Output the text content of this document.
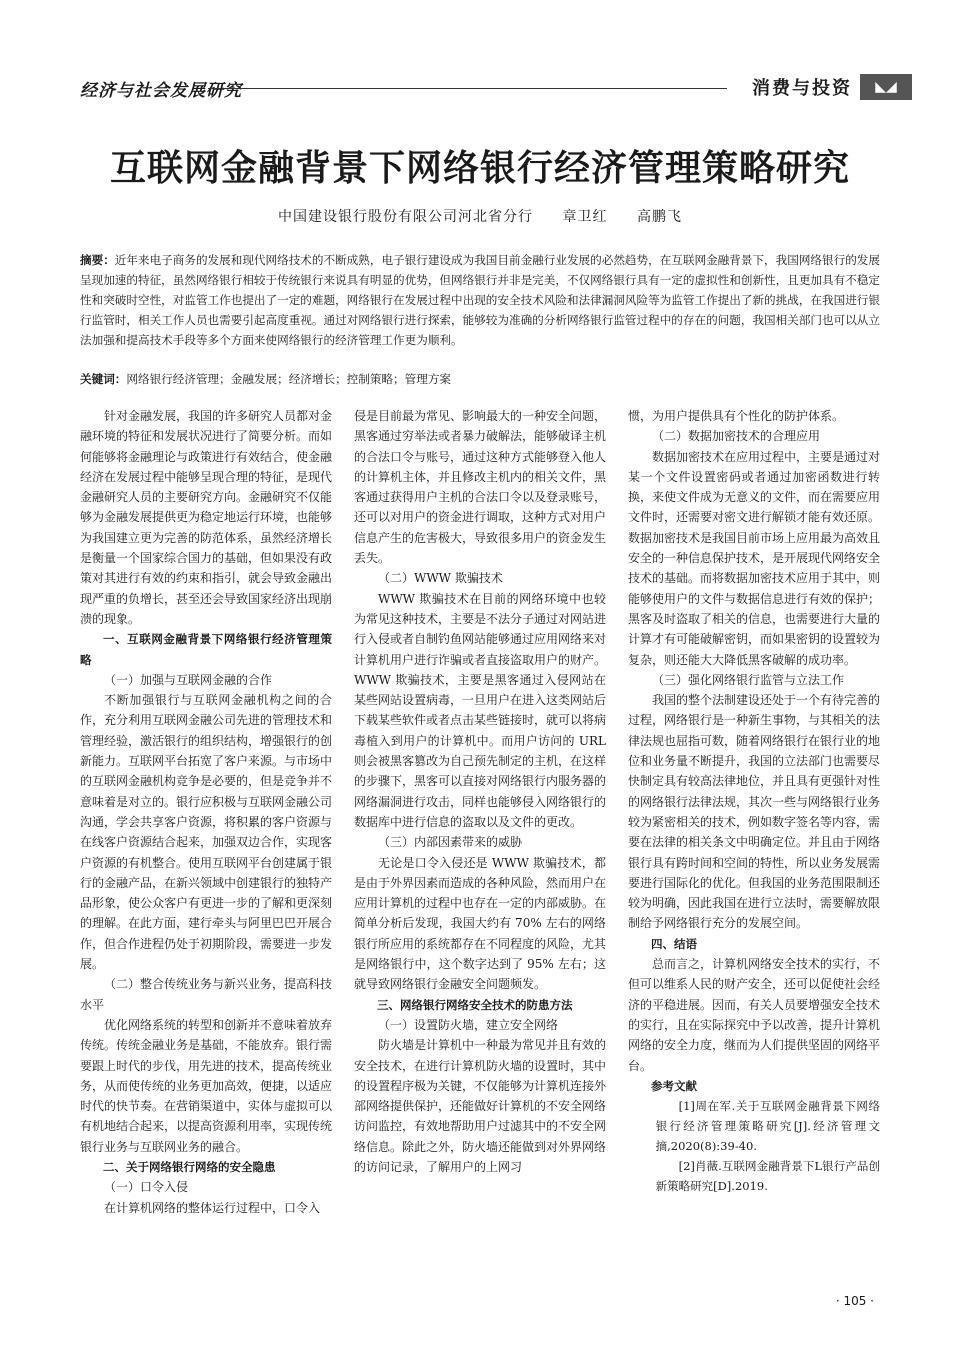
经济与社会发展研究	消费与投资	◣◢
互联网金融背景下网络银行经济管理策略研究
中国建设银行股份有限公司河北省分行 章卫红 高鹏飞
摘要：近年来电子商务的发展和现代网络技术的不断成熟，电子银行建设成为我国目前金融行业发展的必然趋势，在互联网金融背景下，我国网络银行的发展呈现加速的特征，虽然网络银行相较于传统银行来说具有明显的优势，但网络银行并非是完美，不仅网络银行具有一定的虚拟性和创新性，且更加具有不稳定性和突破时空性，对监管工作也提出了一定的难题，网络银行在发展过程中出现的安全技术风险和法律漏洞风险等为监管工作提出了新的挑战，在我国进行银行监管时，相关工作人员也需要引起高度重视。通过对网络银行进行探索，能够较为准确的分析网络银行监管过程中的存在的问题，我国相关部门也可以从立法加强和提高技术手段等多个方面来使网络银行的经济管理工作更为顺利。
关键词：网络银行经济管理；金融发展；经济增长；控制策略；管理方案

针对金融发展，我国的许多研究人员都对金融环境的特征和发展状况进行了简要分析。而如何能够将金融理论与政策进行有效结合，使金融经济在发展过程中能够呈现合理的特征，是现代金融研究人员的主要研究方向。金融研究不仅能够为金融发展提供更为稳定地运行环境，也能够为我国建立更为完善的防范体系，虽然经济增长是衡量一个国家综合国力的基础，但如果没有政策对其进行有效的约束和指引，就会导致金融出现严重的负增长，甚至还会导致国家经济出现崩溃的现象。

一、互联网金融背景下网络银行经济管理策略

（一）加强与互联网金融的合作

不断加强银行与互联网金融机构之间的合作，充分利用互联网金融公司先进的管理技术和管理经验，激活银行的组织结构，增强银行的创新能力。互联网平台拓宽了客户来源。与市场中的互联网金融机构竞争是必要的，但是竞争并不意味着是对立的。银行应积极与互联网金融公司沟通，学会共享客户资源，将积累的客户资源与在线客户资源结合起来，加强双边合作，实现客户资源的有机整合。使用互联网平台创建属于银行的金融产品，在新兴领域中创建银行的独特产品形象，使公众客户有更进一步的了解和更深刻的理解。在此方面，建行牵头与阿里巴巴开展合作，但合作进程仍处于初期阶段，需要进一步发展。

（二）整合传统业务与新兴业务，提高科技水平

优化网络系统的转型和创新并不意味着放弃传统。传统金融业务是基础，不能放弃。银行需要跟上时代的步伐，用先进的技术，提高传统业务，从而使传统的业务更加高效，便捷，以适应时代的快节奏。在营销渠道中，实体与虚拟可以有机地结合起来，以提高资源利用率，实现传统银行业务与互联网业务的融合。

二、关于网络银行网络的安全隐患

（一）口令入侵

在计算机网络的整体运行过程中，口令入

侵是目前最为常见、影响最大的一种安全问题，黑客通过穷举法或者暴力破解法，能够破译主机的合法口令与账号，通过这种方式能够登入他人的计算机主体，并且修改主机内的相关文件，黑客通过获得用户主机的合法口令以及登录账号，还可以对用户的资金进行调取，这种方式对用户信息产生的危害极大，导致很多用户的资金发生丢失。

（二）WWW 欺骗技术

WWW 欺骗技术在目前的网络环境中也较为常见这种技术，主要是不法分子通过对网站进行入侵或者自制钓鱼网站能够通过应用网络来对计算机用户进行诈骗或者直接盗取用户的财产。WWW 欺骗技术，主要是黑客通过入侵网站在某些网站设置病毒，一旦用户在进入这类网站后下载某些软件或者点击某些链接时，就可以将病毒植入到用户的计算机中。而用户访问的 URL 则会被黑客篡改为自己预先制定的主机，在这样的步骤下，黑客可以直接对网络银行内服务器的网络漏洞进行攻击，同样也能够侵入网络银行的数据库中进行信息的盗取以及文件的更改。

（三）内部因素带来的威胁

无论是口令入侵还是 WWW 欺骗技术，都是由于外界因素而造成的各种风险，然而用户在应用计算机的过程中也存在一定的内部威胁。在简单分析后发现，我国大约有 70% 左右的网络银行所应用的系统都存在不同程度的风险，尤其是网络银行中，这个数字达到了 95% 左右；这就导致网络银行金融安全问题频发。

三、网络银行网络安全技术的防患方法

（一）设置防火墙，建立安全网络

防火墙是计算机中一种最为常见并且有效的安全技术，在进行计算机防火墙的设置时，其中的设置程序极为关键，不仅能够为计算机连接外部网络提供保护，还能做好计算机的不安全网络访问监控，有效地帮助用户过滤其中的不安全网络信息。除此之外，防火墙还能做到对外界网络的访问记录，了解用户的上网习

惯，为用户提供具有个性化的防护体系。

（二）数据加密技术的合理应用

数据加密技术在应用过程中，主要是通过对某一个文件设置密码或者通过加密函数进行转换，来使文件成为无意义的文件，而在需要应用文件时，还需要对密文进行解锁才能有效还原。数据加密技术是我国目前市场上应用最为高效且安全的一种信息保护技术，是开展现代网络安全技术的基础。而将数据加密技术应用于其中，则能够使用户的文件与数据信息进行有效的保护；黑客及时盗取了相关的信息，也需要进行大量的计算才有可能破解密钥，而如果密钥的设置较为复杂，则还能大大降低黑客破解的成功率。

（三）强化网络银行监管与立法工作

我国的整个法制建设还处于一个有待完善的过程，网络银行是一种新生事物，与其相关的法律法规也屈指可数，随着网络银行在银行业的地位和业务量不断提升，我国的立法部门也需要尽快制定具有较高法律地位，并且具有更强针对性的网络银行法律法规，其次一些与网络银行业务较为紧密相关的技术，例如数字签名等内容，需要在法律的相关条文中明确定位。并且由于网络银行具有跨时间和空间的特性，所以业务发展需要进行国际化的优化。但我国的业务范围限制还较为明确，因此我国在进行立法时，需要解放限制给予网络银行充分的发展空间。

四、结语

总而言之，计算机网络安全技术的实行，不但可以维系人民的财产安全，还可以促使社会经济的平稳进展。因而，有关人员要增强安全技术的实行，且在实际探究中予以改善，提升计算机网络的安全力度，继而为人们提供坚固的网络平台。

参考文献

[1]周在军.关于互联网金融背景下网络银行经济管理策略研究[J].经济管理文摘,2020(8):39-40.

[2]肖薇.互联网金融背景下L银行产品创新策略研究[D].2019.

· 105 ·
